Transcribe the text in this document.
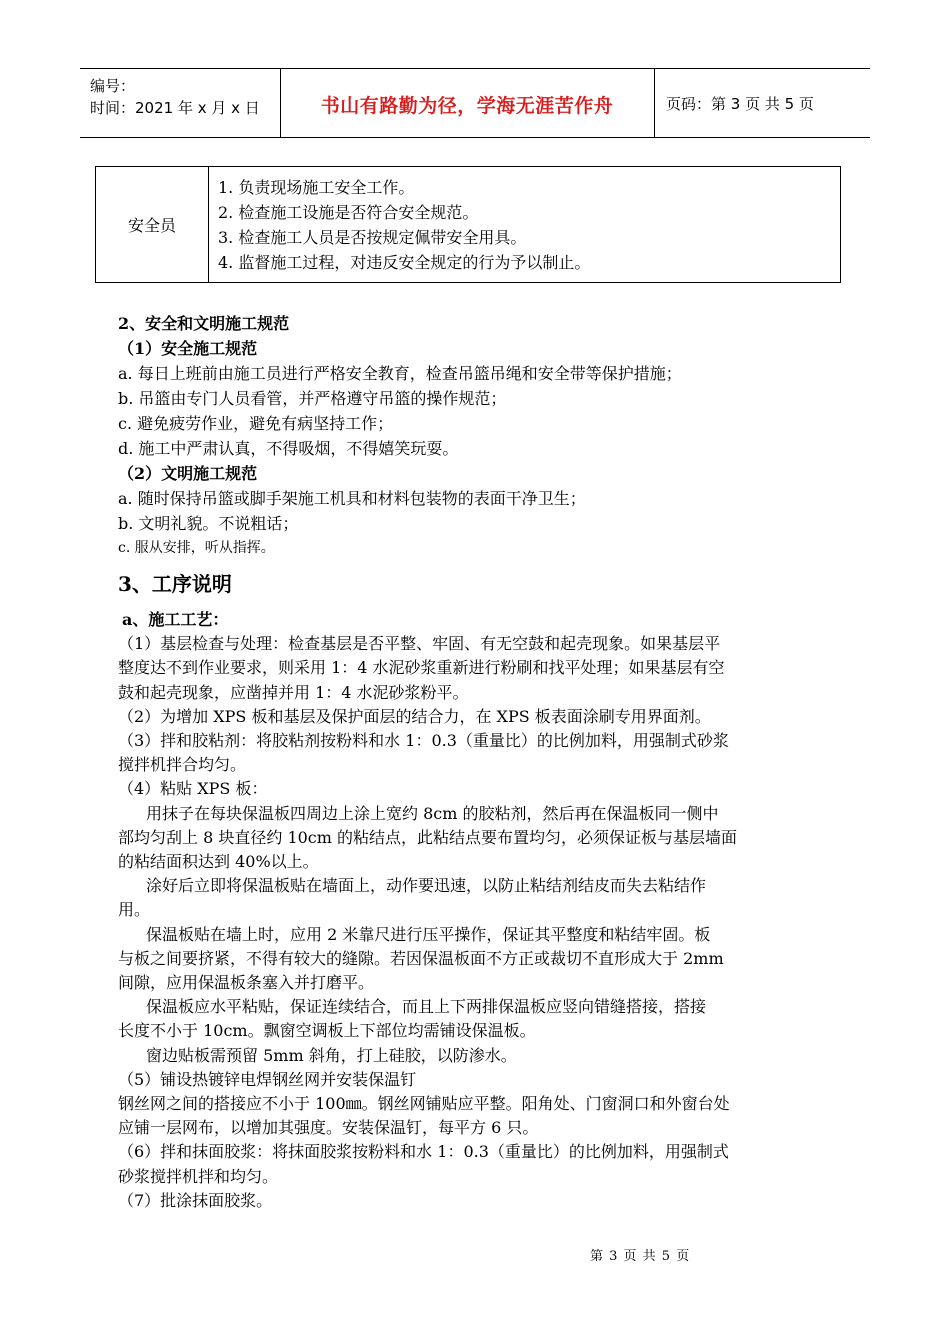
编号：
时间：2021 年 x 月 x 日	书山有路勤为径，学海无涯苦作舟	页码：第 3 页 共 5 页
安全员
1. 负责现场施工安全工作。
2. 检查施工设施是否符合安全规范。
3. 检查施工人员是否按规定佩带安全用具。
4. 监督施工过程，对违反安全规定的行为予以制止。
2、安全和文明施工规范
（1）安全施工规范
a. 每日上班前由施工员进行严格安全教育，检查吊篮吊绳和安全带等保护措施；
b. 吊篮由专门人员看管，并严格遵守吊篮的操作规范；
c. 避免疲劳作业，避免有病坚持工作；
d. 施工中严肃认真，不得吸烟，不得嬉笑玩耍。
（2）文明施工规范
a. 随时保持吊篮或脚手架施工机具和材料包装物的表面干净卫生；
b. 文明礼貌。不说粗话；
c. 服从安排，听从指挥。
3、工序说明
a、施工工艺：
（1）基层检查与处理：检查基层是否平整、牢固、有无空鼓和起壳现象。如果基层平
整度达不到作业要求，则采用 1：4 水泥砂浆重新进行粉刷和找平处理；如果基层有空
鼓和起壳现象，应凿掉并用 1：4 水泥砂浆粉平。
（2）为增加 XPS 板和基层及保护面层的结合力，在 XPS 板表面涂刷专用界面剂。
（3）拌和胶粘剂：将胶粘剂按粉料和水 1：0.3（重量比）的比例加料，用强制式砂浆
搅拌机拌合均匀。
（4）粘贴 XPS 板：
用抹子在每块保温板四周边上涂上宽约 8cm 的胶粘剂，然后再在保温板同一侧中
部均匀刮上 8 块直径约 10cm 的粘结点，此粘结点要布置均匀，必须保证板与基层墙面
的粘结面积达到 40%以上。
涂好后立即将保温板贴在墙面上，动作要迅速，以防止粘结剂结皮而失去粘结作
用。
保温板贴在墙上时，应用 2 米靠尺进行压平操作，保证其平整度和粘结牢固。板
与板之间要挤紧，不得有较大的缝隙。若因保温板面不方正或裁切不直形成大于 2mm
间隙，应用保温板条塞入并打磨平。
保温板应水平粘贴，保证连续结合，而且上下两排保温板应竖向错缝搭接，搭接
长度不小于 10cm。飘窗空调板上下部位均需铺设保温板。
窗边贴板需预留 5mm 斜角，打上硅胶，以防渗水。
（5）铺设热镀锌电焊钢丝网并安装保温钉
钢丝网之间的搭接应不小于 100㎜。钢丝网铺贴应平整。阳角处、门窗洞口和外窗台处
应铺一层网布，以增加其强度。安装保温钉，每平方 6 只。
（6）拌和抹面胶浆：将抹面胶浆按粉料和水 1：0.3（重量比）的比例加料，用强制式
砂浆搅拌机拌和均匀。
（7）批涂抹面胶浆。
第 3 页 共 5 页
